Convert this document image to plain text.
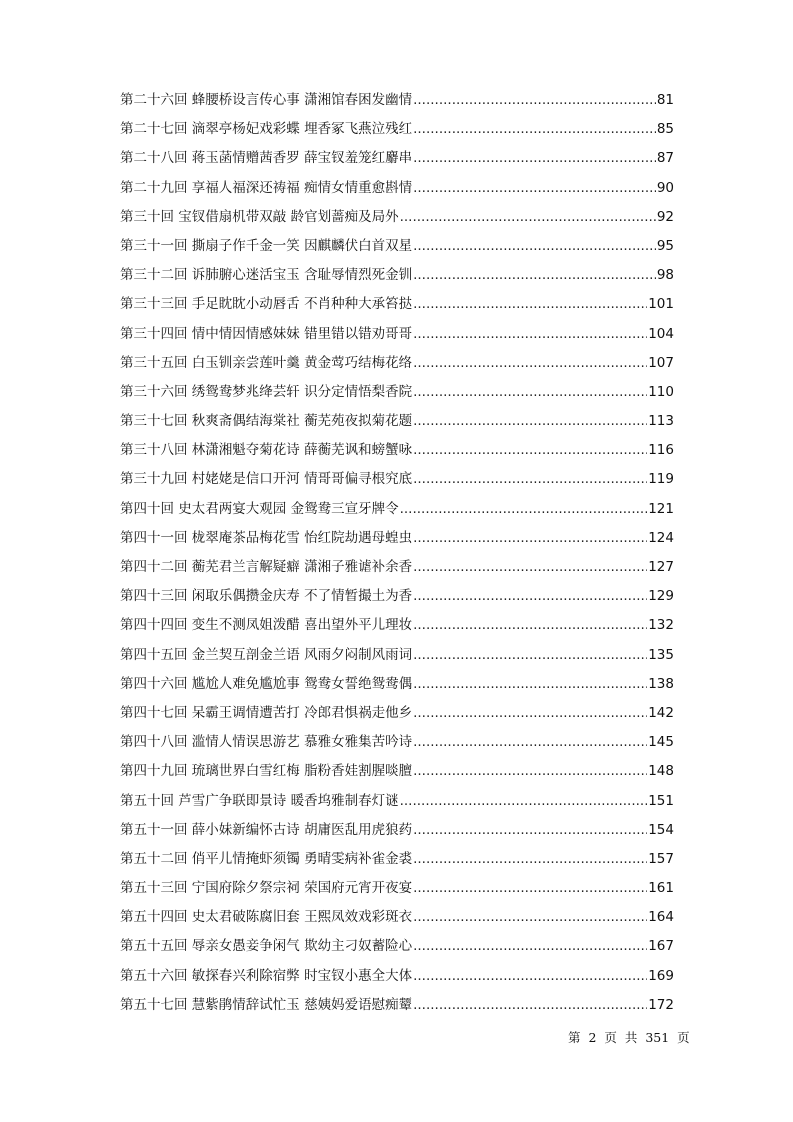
第二十六回 蜂腰桥设言传心事 潇湘馆春困发幽情 .....	81
第二十七回 滴翠亭杨妃戏彩蝶 埋香冢飞燕泣残红 .....	85
第二十八回 蒋玉菡情赠茜香罗 薛宝钗羞笼红麝串 .....	87
第二十九回 享福人福深还祷福 痴情女情重愈斟情 .....	90
第三十回 宝钗借扇机带双敲 龄官划蔷痴及局外 .....	92
第三十一回 撕扇子作千金一笑 因麒麟伏白首双星 .....	95
第三十二回 诉肺腑心迷活宝玉 含耻辱情烈死金钏 .....	98
第三十三回 手足眈眈小动唇舌 不肖种种大承笞挞 .....	101
第三十四回 情中情因情感妹妹 错里错以错劝哥哥 .....	104
第三十五回 白玉钏亲尝莲叶羹 黄金莺巧结梅花络 .....	107
第三十六回 绣鸳鸯梦兆绛芸轩 识分定情悟梨香院 .....	110
第三十七回 秋爽斋偶结海棠社 蘅芜苑夜拟菊花题 .....	113
第三十八回 林潇湘魁夺菊花诗 薛蘅芜讽和螃蟹咏 .....	116
第三十九回 村姥姥是信口开河 情哥哥偏寻根究底 .....	119
第四十回 史太君两宴大观园 金鸳鸯三宣牙牌令 .....	121
第四十一回 栊翠庵茶品梅花雪 怡红院劫遇母蝗虫 .....	124
第四十二回 蘅芜君兰言解疑癖 潇湘子雅谑补余香 .....	127
第四十三回 闲取乐偶攒金庆寿 不了情暂撮土为香 .....	129
第四十四回 变生不测凤姐泼醋 喜出望外平儿理妆 .....	132
第四十五回 金兰契互剖金兰语 风雨夕闷制风雨词 .....	135
第四十六回 尴尬人难免尴尬事 鸳鸯女誓绝鸳鸯偶 .....	138
第四十七回 呆霸王调情遭苦打 冷郎君惧祸走他乡 .....	142
第四十八回 滥情人情误思游艺 慕雅女雅集苦吟诗 .....	145
第四十九回 琉璃世界白雪红梅 脂粉香娃割腥啖膻 .....	148
第五十回 芦雪广争联即景诗 暖香坞雅制春灯谜 .....	151
第五十一回 薛小妹新编怀古诗 胡庸医乱用虎狼药 .....	154
第五十二回 俏平儿情掩虾须镯 勇晴雯病补雀金裘 .....	157
第五十三回 宁国府除夕祭宗祠 荣国府元宵开夜宴 .....	161
第五十四回 史太君破陈腐旧套 王熙凤效戏彩斑衣 .....	164
第五十五回 辱亲女愚妾争闲气 欺幼主刁奴蓄险心 .....	167
第五十六回 敏探春兴利除宿弊 时宝钗小惠全大体 .....	169
第五十七回 慧紫鹃情辞试忙玉 慈姨妈爱语慰痴颦 .....	172
第 2 页 共 351 页
